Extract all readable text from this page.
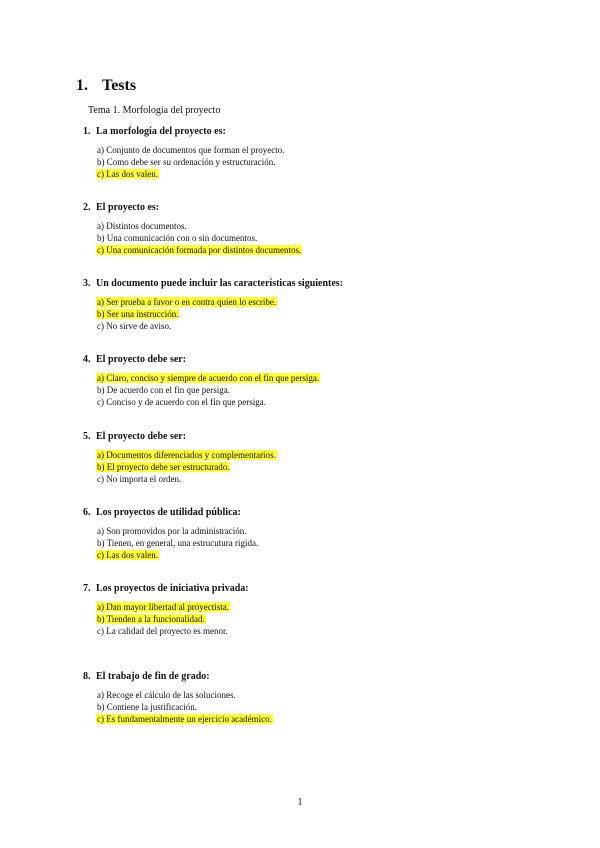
1. Tests
Tema 1. Morfología del proyecto
1. La morfología del proyecto es:
a) Conjunto de documentos que forman el proyecto.
b) Como debe ser su ordenación y estructuración.
c) Las dos valen.
2. El proyecto es:
a) Distintos documentos.
b) Una comunicación con o sin documentos.
c) Una comunicación formada por distintos documentos.
3. Un documento puede incluir las características siguientes:
a) Ser prueba a favor o en contra quien lo escribe.
b) Ser una instrucción.
c) No sirve de aviso.
4. El proyecto debe ser:
a) Claro, conciso y siempre de acuerdo con el fin que persiga.
b) De acuerdo con el fin que persiga.
c) Conciso y de acuerdo con el fin que persiga.
5. El proyecto debe ser:
a) Documentos diferenciados y complementarios.
b) El proyecto debe ser estructurado.
c) No importa el orden.
6. Los proyectos de utilidad pública:
a) Son promovidos por la administración.
b) Tienen, en general, una estrucutura rígida.
c) Las dos valen.
7. Los proyectos de iniciativa privada:
a) Dan mayor libertad al proyectista.
b) Tienden a la funcionalidad.
c) La calidad del proyecto es menor.
8. El trabajo de fin de grado:
a) Recoge el cálculo de las soluciones.
b) Contiene la justificación.
c) Es fundamentalmente un ejercicio académico.
1
